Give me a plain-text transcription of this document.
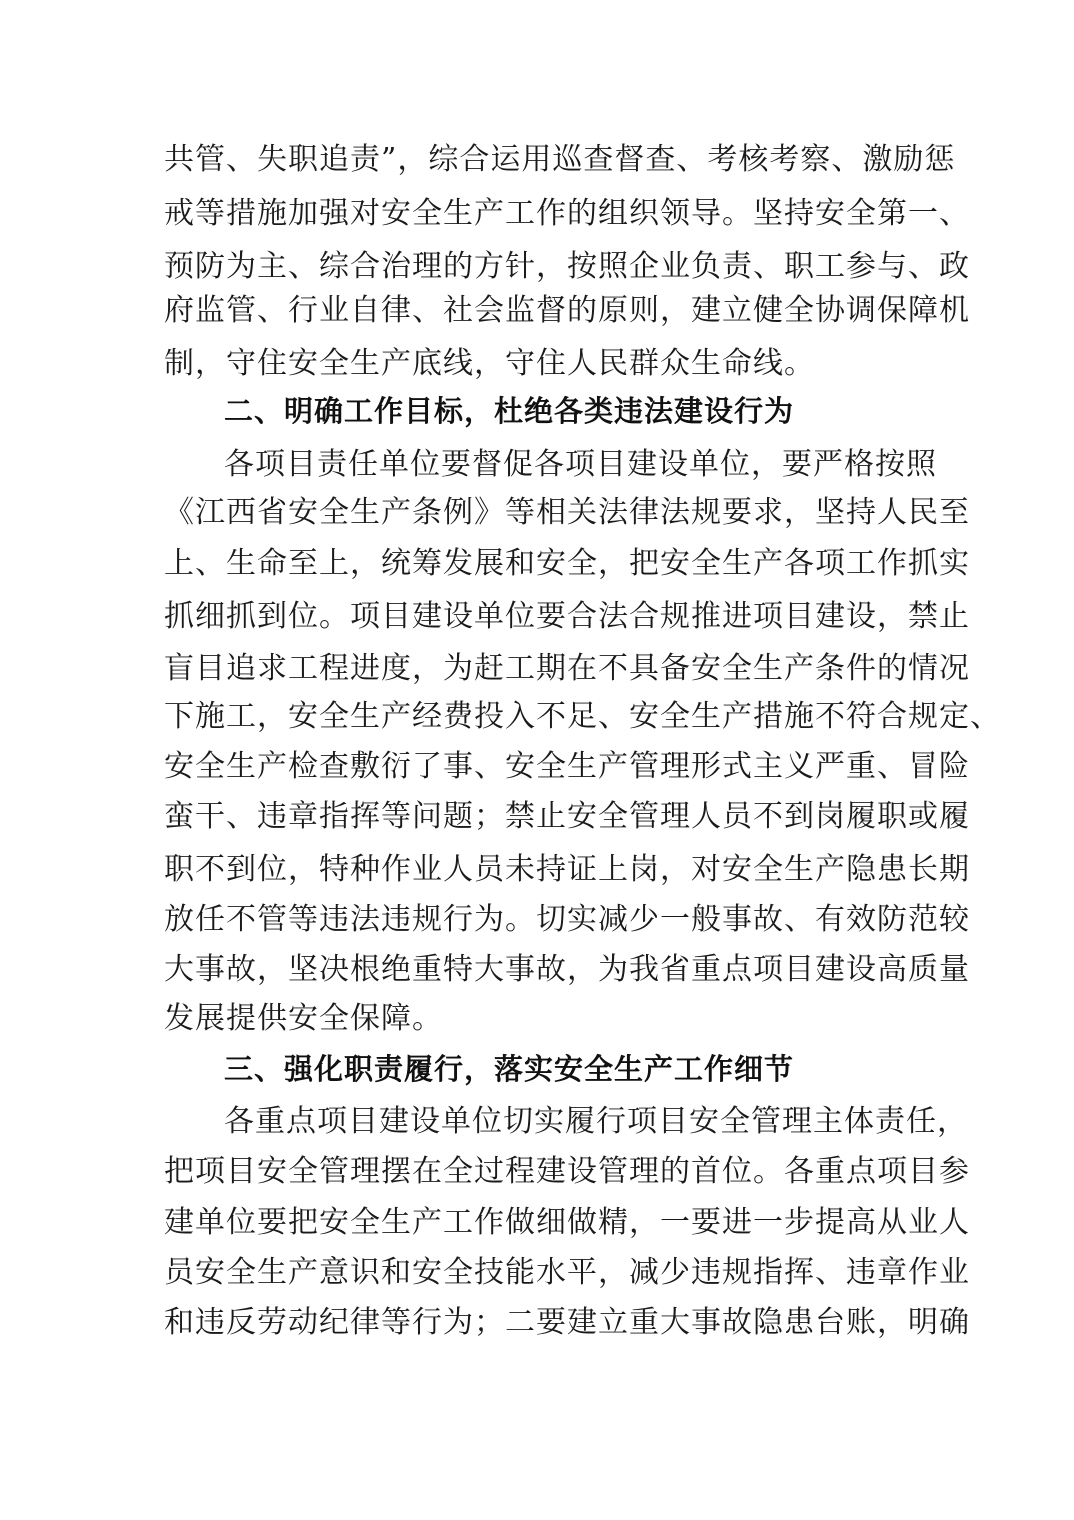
共管、失职追责”，综合运用巡查督查、考核考察、激励惩
戒等措施加强对安全生产工作的组织领导。坚持安全第一、
预防为主、综合治理的方针，按照企业负责、职工参与、政
府监管、行业自律、社会监督的原则，建立健全协调保障机
制，守住安全生产底线，守住人民群众生命线。
二、明确工作目标，杜绝各类违法建设行为
各项目责任单位要督促各项目建设单位，要严格按照
《江西省安全生产条例》等相关法律法规要求，坚持人民至
上、生命至上，统筹发展和安全，把安全生产各项工作抓实
抓细抓到位。项目建设单位要合法合规推进项目建设，禁止
盲目追求工程进度，为赶工期在不具备安全生产条件的情况
下施工，安全生产经费投入不足、安全生产措施不符合规定、
安全生产检查敷衍了事、安全生产管理形式主义严重、冒险
蛮干、违章指挥等问题；禁止安全管理人员不到岗履职或履
职不到位，特种作业人员未持证上岗，对安全生产隐患长期
放任不管等违法违规行为。切实减少一般事故、有效防范较
大事故，坚决根绝重特大事故，为我省重点项目建设高质量
发展提供安全保障。
三、强化职责履行，落实安全生产工作细节
各重点项目建设单位切实履行项目安全管理主体责任，
把项目安全管理摆在全过程建设管理的首位。各重点项目参
建单位要把安全生产工作做细做精，一要进一步提高从业人
员安全生产意识和安全技能水平，减少违规指挥、违章作业
和违反劳动纪律等行为；二要建立重大事故隐患台账，明确
